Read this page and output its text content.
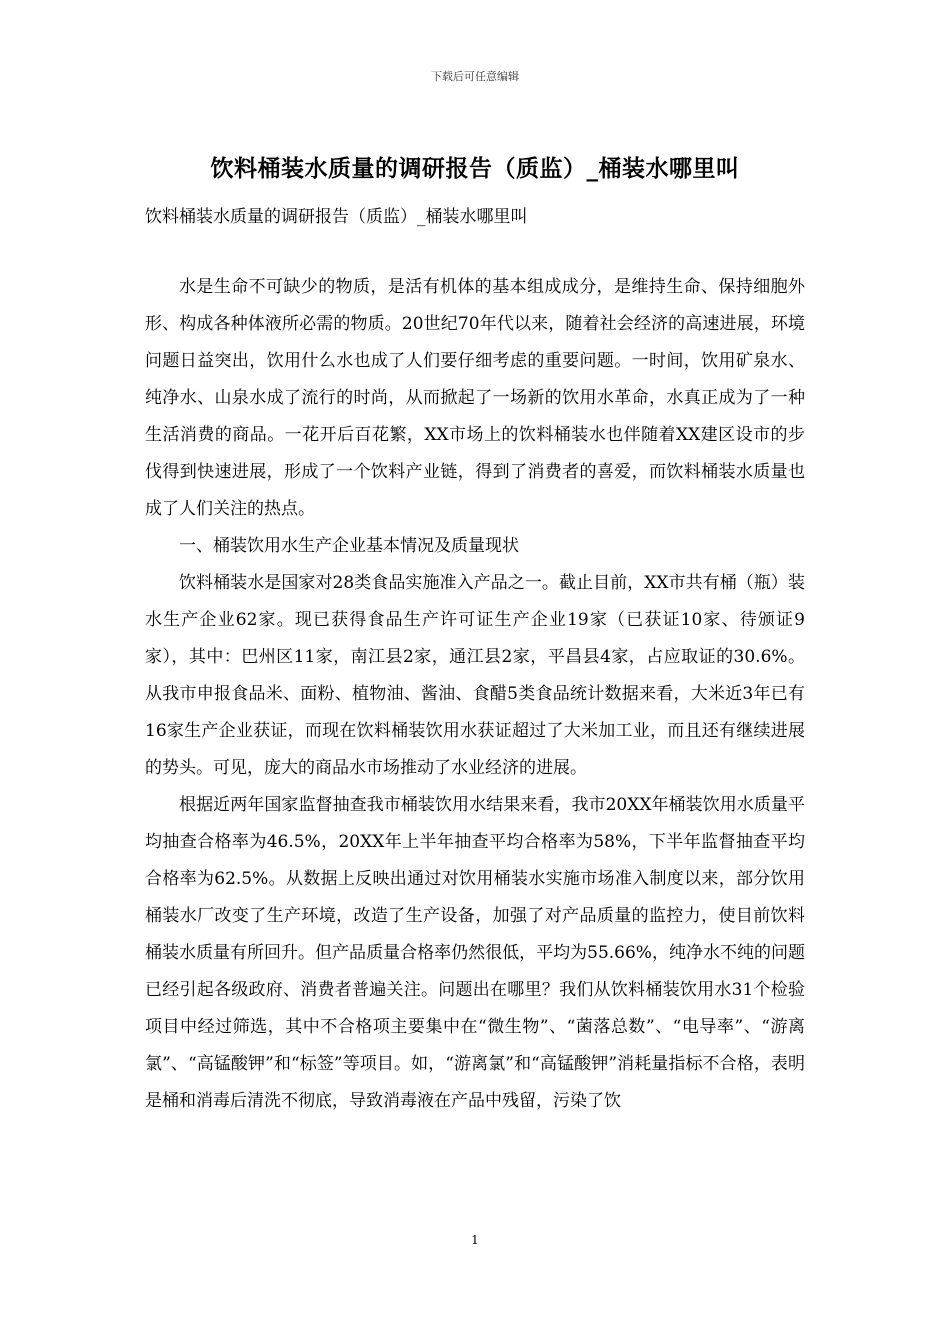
下载后可任意编辑
饮料桶装水质量的调研报告（质监）_桶装水哪里叫
饮料桶装水质量的调研报告（质监）_桶装水哪里叫

水是生命不可缺少的物质，是活有机体的基本组成成分，是维持生命、保持细胞外形、构成各种体液所必需的物质。20世纪70年代以来，随着社会经济的高速进展，环境问题日益突出，饮用什么水也成了人们要仔细考虑的重要问题。一时间，饮用矿泉水、纯净水、山泉水成了流行的时尚，从而掀起了一场新的饮用水革命，水真正成为了一种生活消费的商品。一花开后百花繁，XX市场上的饮料桶装水也伴随着XX建区设市的步伐得到快速进展，形成了一个饮料产业链，得到了消费者的喜爱，而饮料桶装水质量也成了人们关注的热点。

一、桶装饮用水生产企业基本情况及质量现状

饮料桶装水是国家对28类食品实施准入产品之一。截止目前，XX市共有桶（瓶）装水生产企业62家。现已获得食品生产许可证生产企业19家（已获证10家、待颁证9家），其中：巴州区11家，南江县2家，通江县2家，平昌县4家，占应取证的30.6%。从我市申报食品米、面粉、植物油、酱油、食醋5类食品统计数据来看，大米近3年已有16家生产企业获证，而现在饮料桶装饮用水获证超过了大米加工业，而且还有继续进展的势头。可见，庞大的商品水市场推动了水业经济的进展。

根据近两年国家监督抽查我市桶装饮用水结果来看，我市20XX年桶装饮用水质量平均抽查合格率为46.5%，20XX年上半年抽查平均合格率为58%，下半年监督抽查平均合格率为62.5%。从数据上反映出通过对饮用桶装水实施市场准入制度以来，部分饮用桶装水厂改变了生产环境，改造了生产设备，加强了对产品质量的监控力，使目前饮料桶装水质量有所回升。但产品质量合格率仍然很低，平均为55.66%，纯净水不纯的问题已经引起各级政府、消费者普遍关注。问题出在哪里？我们从饮料桶装饮用水31个检验项目中经过筛选，其中不合格项主要集中在“微生物”、“菌落总数”、“电导率”、“游离氯”、“高锰酸钾”和“标签”等项目。如，“游离氯”和“高锰酸钾”消耗量指标不合格，表明是桶和消毒后清洗不彻底，导致消毒液在产品中残留，污染了饮

1
